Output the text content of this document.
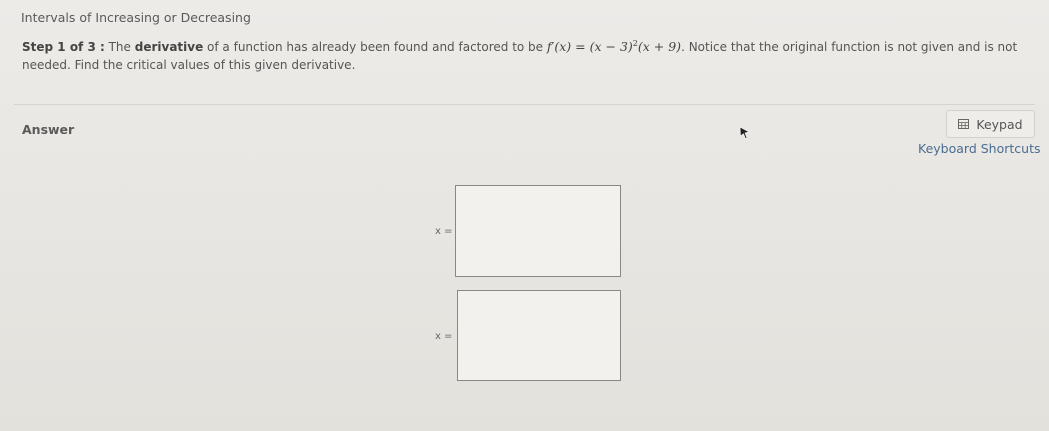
Intervals of Increasing or Decreasing
Step 1 of 3 : The derivative of a function has already been found and factored to be $f'(x) = (x - 3)^2(x + 9)$. Notice that the original function is not given and is not needed. Find the critical values of this given derivative.
Answer	Keypad
Keyboard Shortcuts
x =
x =
